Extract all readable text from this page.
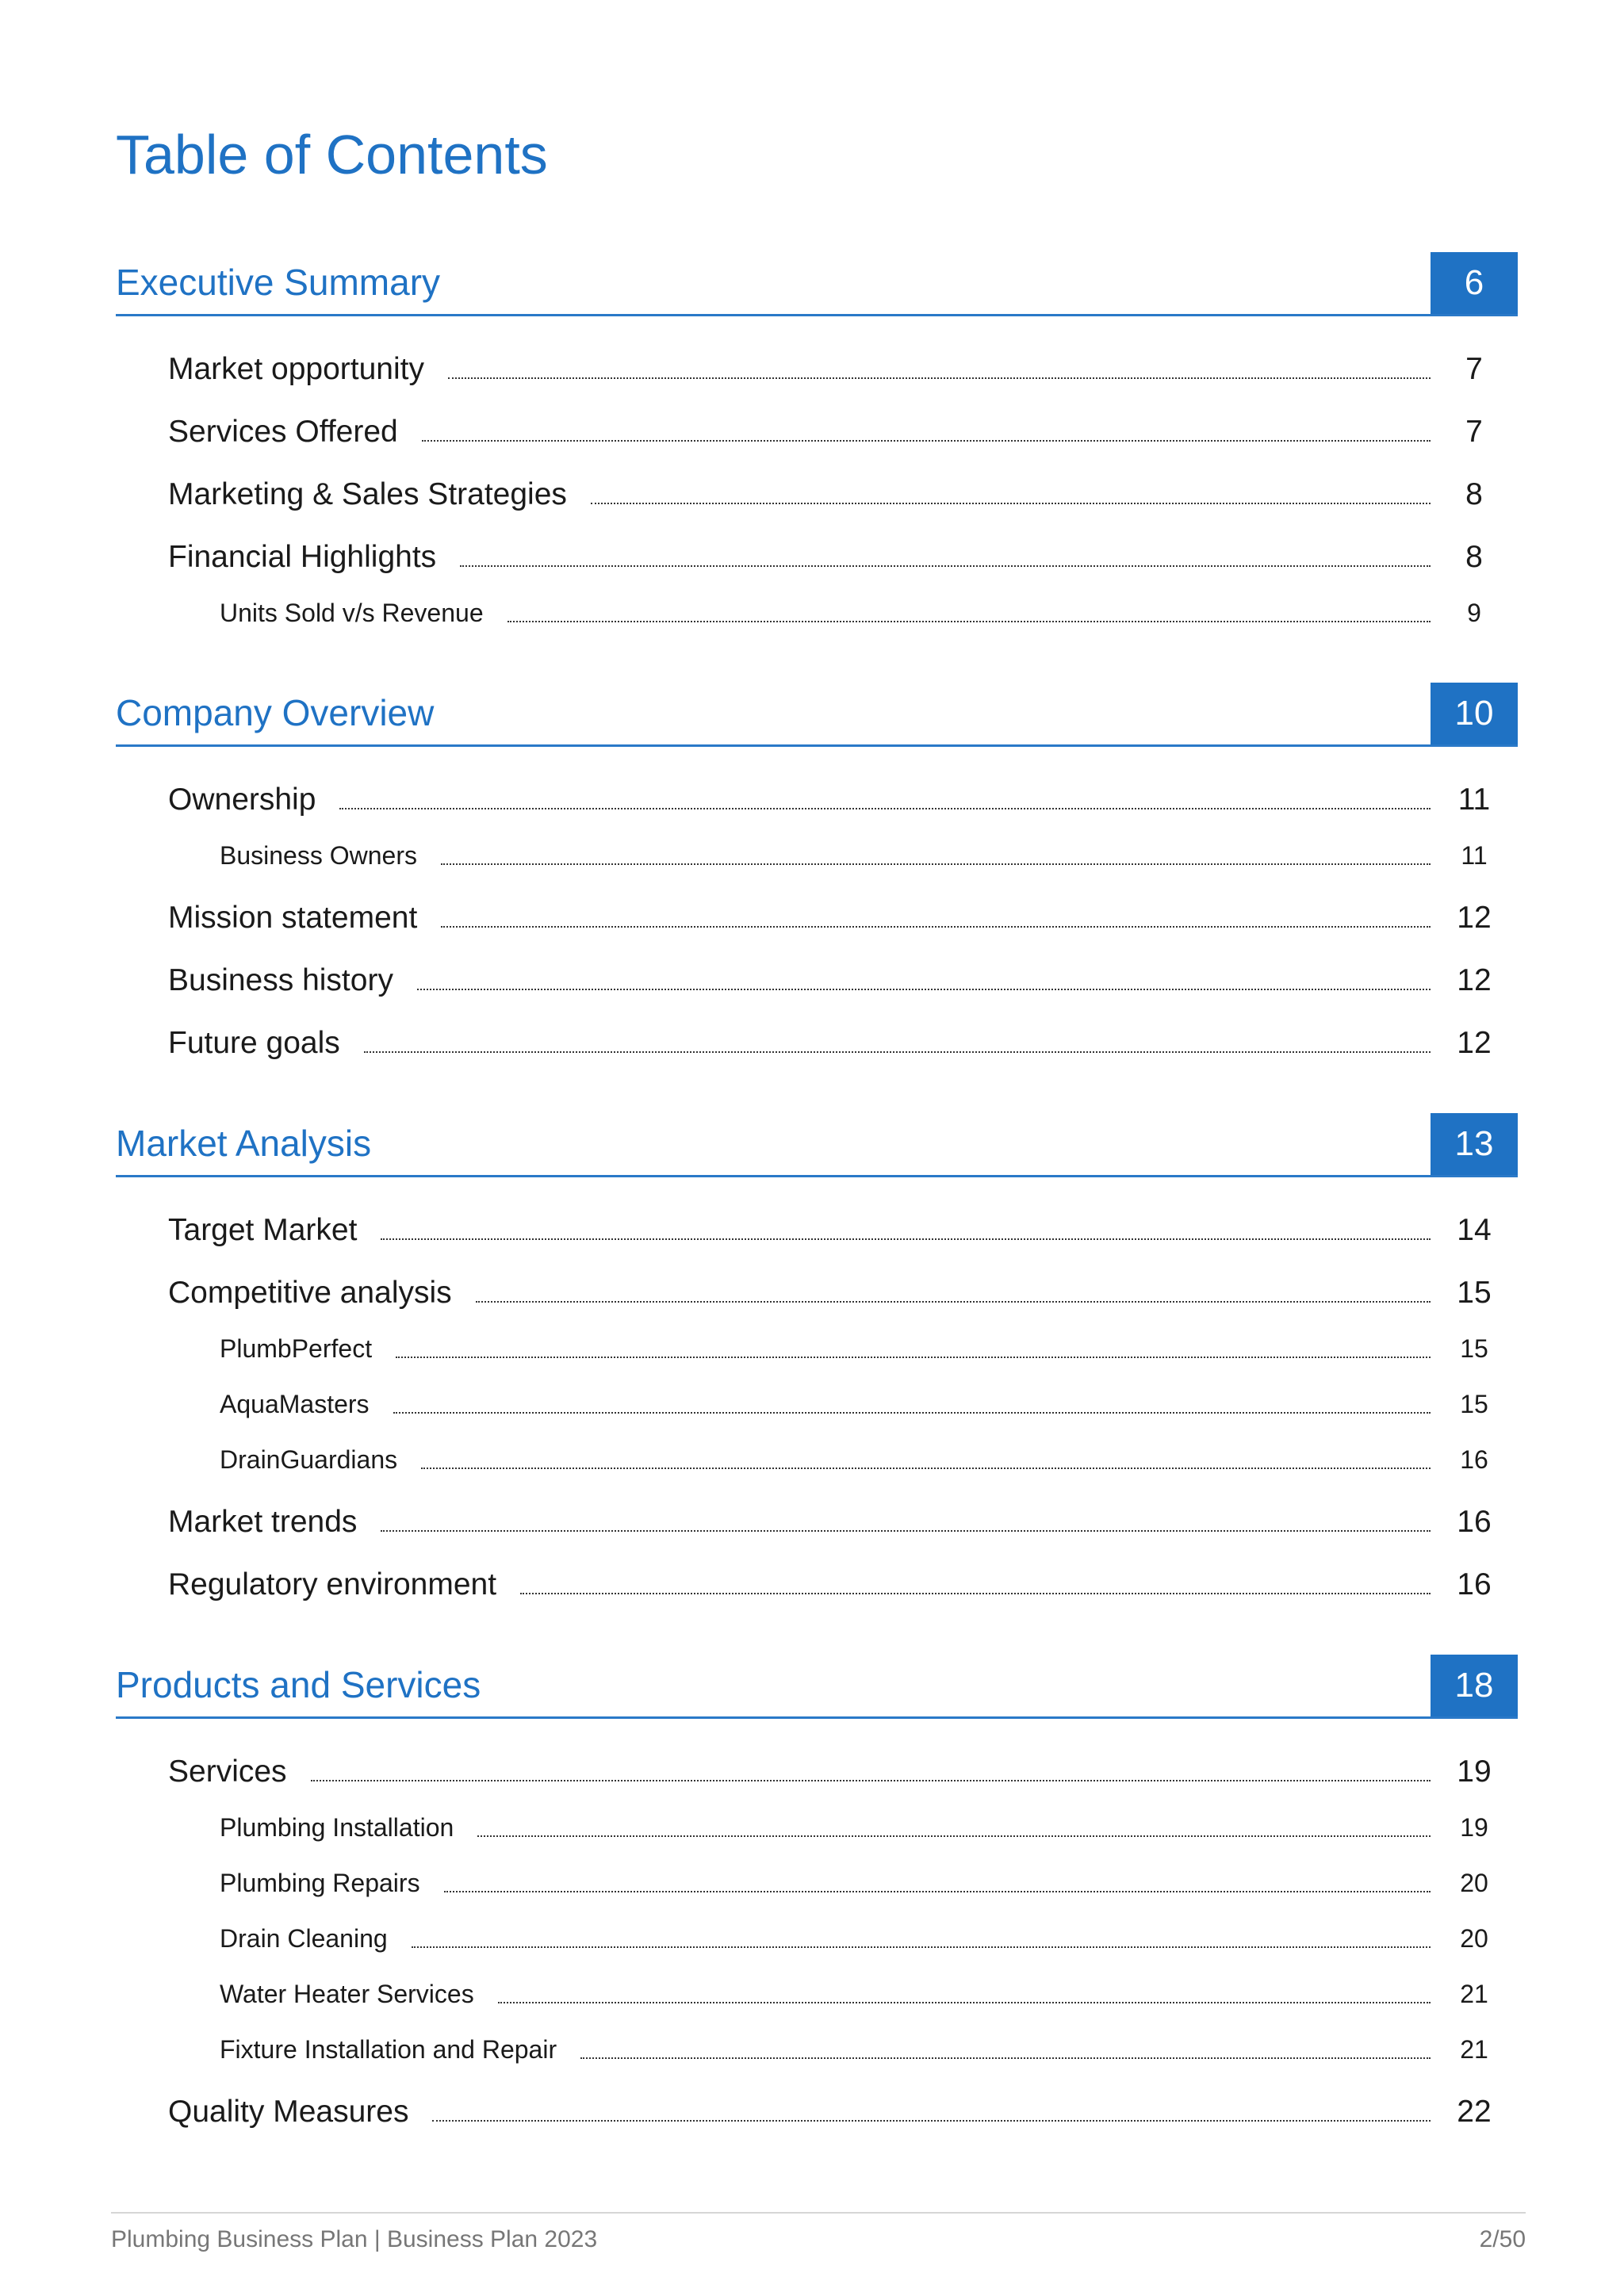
Table of Contents
Executive Summary	6
Market opportunity	7
Services Offered	7
Marketing & Sales Strategies	8
Financial Highlights	8
Units Sold v/s Revenue	9
Company Overview	10
Ownership	11
Business Owners	11
Mission statement	12
Business history	12
Future goals	12
Market Analysis	13
Target Market	14
Competitive analysis	15
PlumbPerfect	15
AquaMasters	15
DrainGuardians	16
Market trends	16
Regulatory environment	16
Products and Services	18
Services	19
Plumbing Installation	19
Plumbing Repairs	20
Drain Cleaning	20
Water Heater Services	21
Fixture Installation and Repair	21
Quality Measures	22
Plumbing Business Plan | Business Plan 2023	2/50
